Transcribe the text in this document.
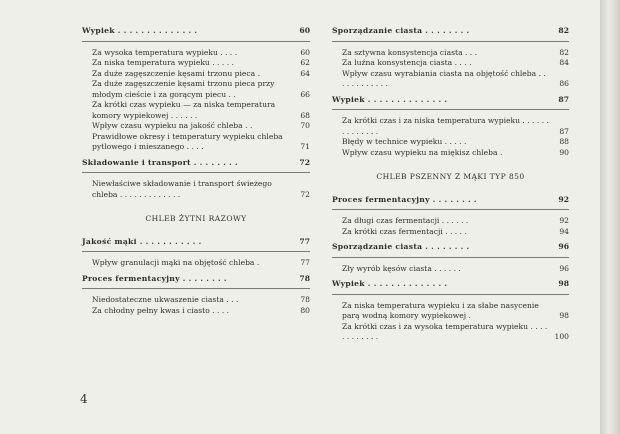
Wypiek . . . . . . . . . . . . . .	60
Za wysoka temperatura wypieku . . . .	60
Za niska temperatura wypieku . . . . .	62
Za duże zagęszczenie kęsami trzonu pieca .	64
Za duże zagęszczenie kęsami trzonu pieca przy młodym cieście i za gorącym piecu . .	66
Za krótki czas wypieku — za niska temperatura komory wypiekowej . . . . . .	68
Wpływ czasu wypieku na jakość chleba . .	70
Prawidłowe okresy i temperatury wypieku chleba pytlowego i mieszanego . . . .	71
Składowanie i transport . . . . . . . .	72
Niewłaściwe składowanie i transport świeżego chleba . . . . . . . . . . . . .	72
CHLEB ŻYTNI RAZOWY
Jakość mąki . . . . . . . . . . .	77
Wpływ granulacji mąki na objętość chleba .	77
Proces fermentacyjny . . . . . . . .	78
Niedostateczne ukwaszenie ciasta . . .	78
Za chłodny pełny kwas i ciasto . . . .	80
Sporządzanie ciasta . . . . . . . .	82
Za sztywna konsystencja ciasta . . .	82
Za luźna konsystencja ciasta . . . .	84
Wpływ czasu wyrabiania ciasta na objętość chleba . . . . . . . . . . . .	86
Wypiek . . . . . . . . . . . . . .	87
Za krótki czas i za niska temperatura wypieku . . . . . . . . . . . . . .	87
Błędy w technice wypieku . . . . .	88
Wpływ czasu wypieku na miękisz chleba .	90
CHLEB PSZENNY Z MĄKI TYP 850
Proces fermentacyjny . . . . . . . .	92
Za długi czas fermentacji . . . . . .	92
Za krótki czas fermentacji . . . . .	94
Sporządzanie ciasta . . . . . . . .	96
Zły wyrób kęsów ciasta . . . . . .	96
Wypiek . . . . . . . . . . . . . .	98
Za niska temperatura wypieku i za słabe nasycenie parą wodną komory wypiekowej .	98
Za krótki czas i za wysoka temperatura wypieku . . . . . . . . . . . .	100
4
